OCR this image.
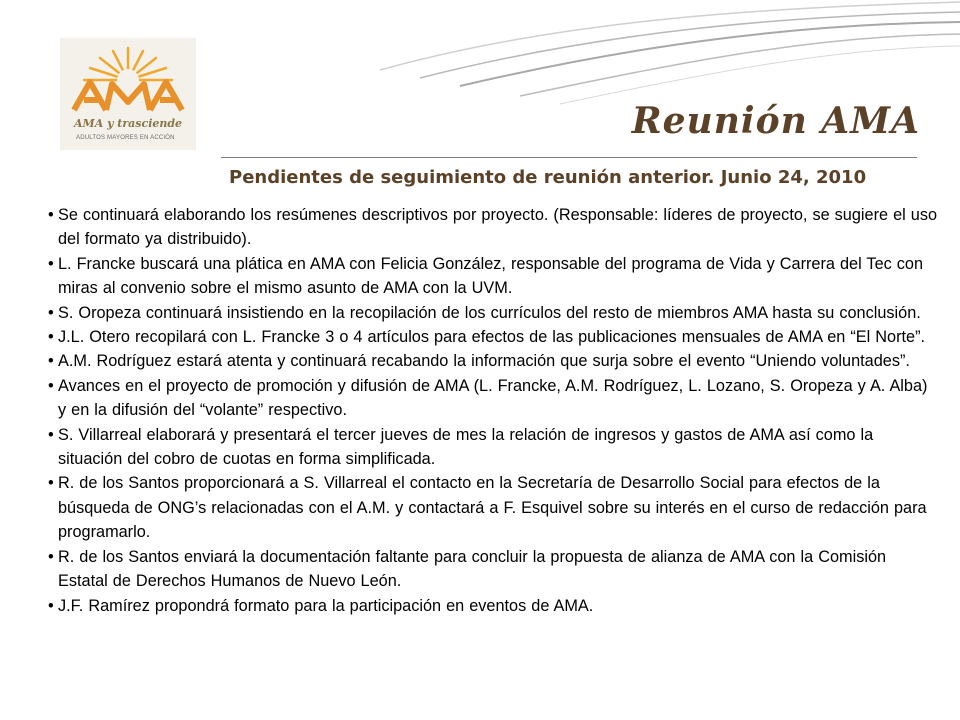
AMA y trasciende
ADULTOS MAYORES EN ACCIÓN	Reunión AMA
Pendientes de seguimiento de reunión anterior. Junio 24, 2010
• Se continuará elaborando los resúmenes descriptivos por proyecto. (Responsable: líderes de proyecto, se sugiere el uso del formato ya distribuido).
• L. Francke buscará una plática en AMA con Felicia González, responsable del programa de Vida y Carrera del Tec con miras al convenio sobre el mismo asunto de AMA con la UVM.
• S. Oropeza continuará insistiendo en la recopilación de los currículos del resto de miembros AMA hasta su conclusión.
• J.L. Otero recopilará con L. Francke 3 o 4 artículos para efectos de las publicaciones mensuales de AMA en “El Norte”.
• A.M. Rodríguez estará atenta y continuará recabando la información que surja sobre el evento “Uniendo voluntades”.
• Avances en el proyecto de promoción y difusión de AMA (L. Francke, A.M. Rodríguez, L. Lozano, S. Oropeza y A. Alba) y en la difusión del “volante” respectivo.
• S. Villarreal elaborará y presentará el tercer jueves de mes la relación de ingresos y gastos de AMA así como la situación del cobro de cuotas en forma simplificada.
• R. de los Santos proporcionará a S. Villarreal el contacto en la Secretaría de Desarrollo Social para efectos de la búsqueda de ONG’s relacionadas con el A.M. y contactará a F. Esquivel sobre su interés en el curso de redacción para programarlo.
• R. de los Santos enviará la documentación faltante para concluir la propuesta de alianza de AMA con la Comisión Estatal de Derechos Humanos de Nuevo León.
• J.F. Ramírez propondrá formato para la participación en eventos de AMA.
